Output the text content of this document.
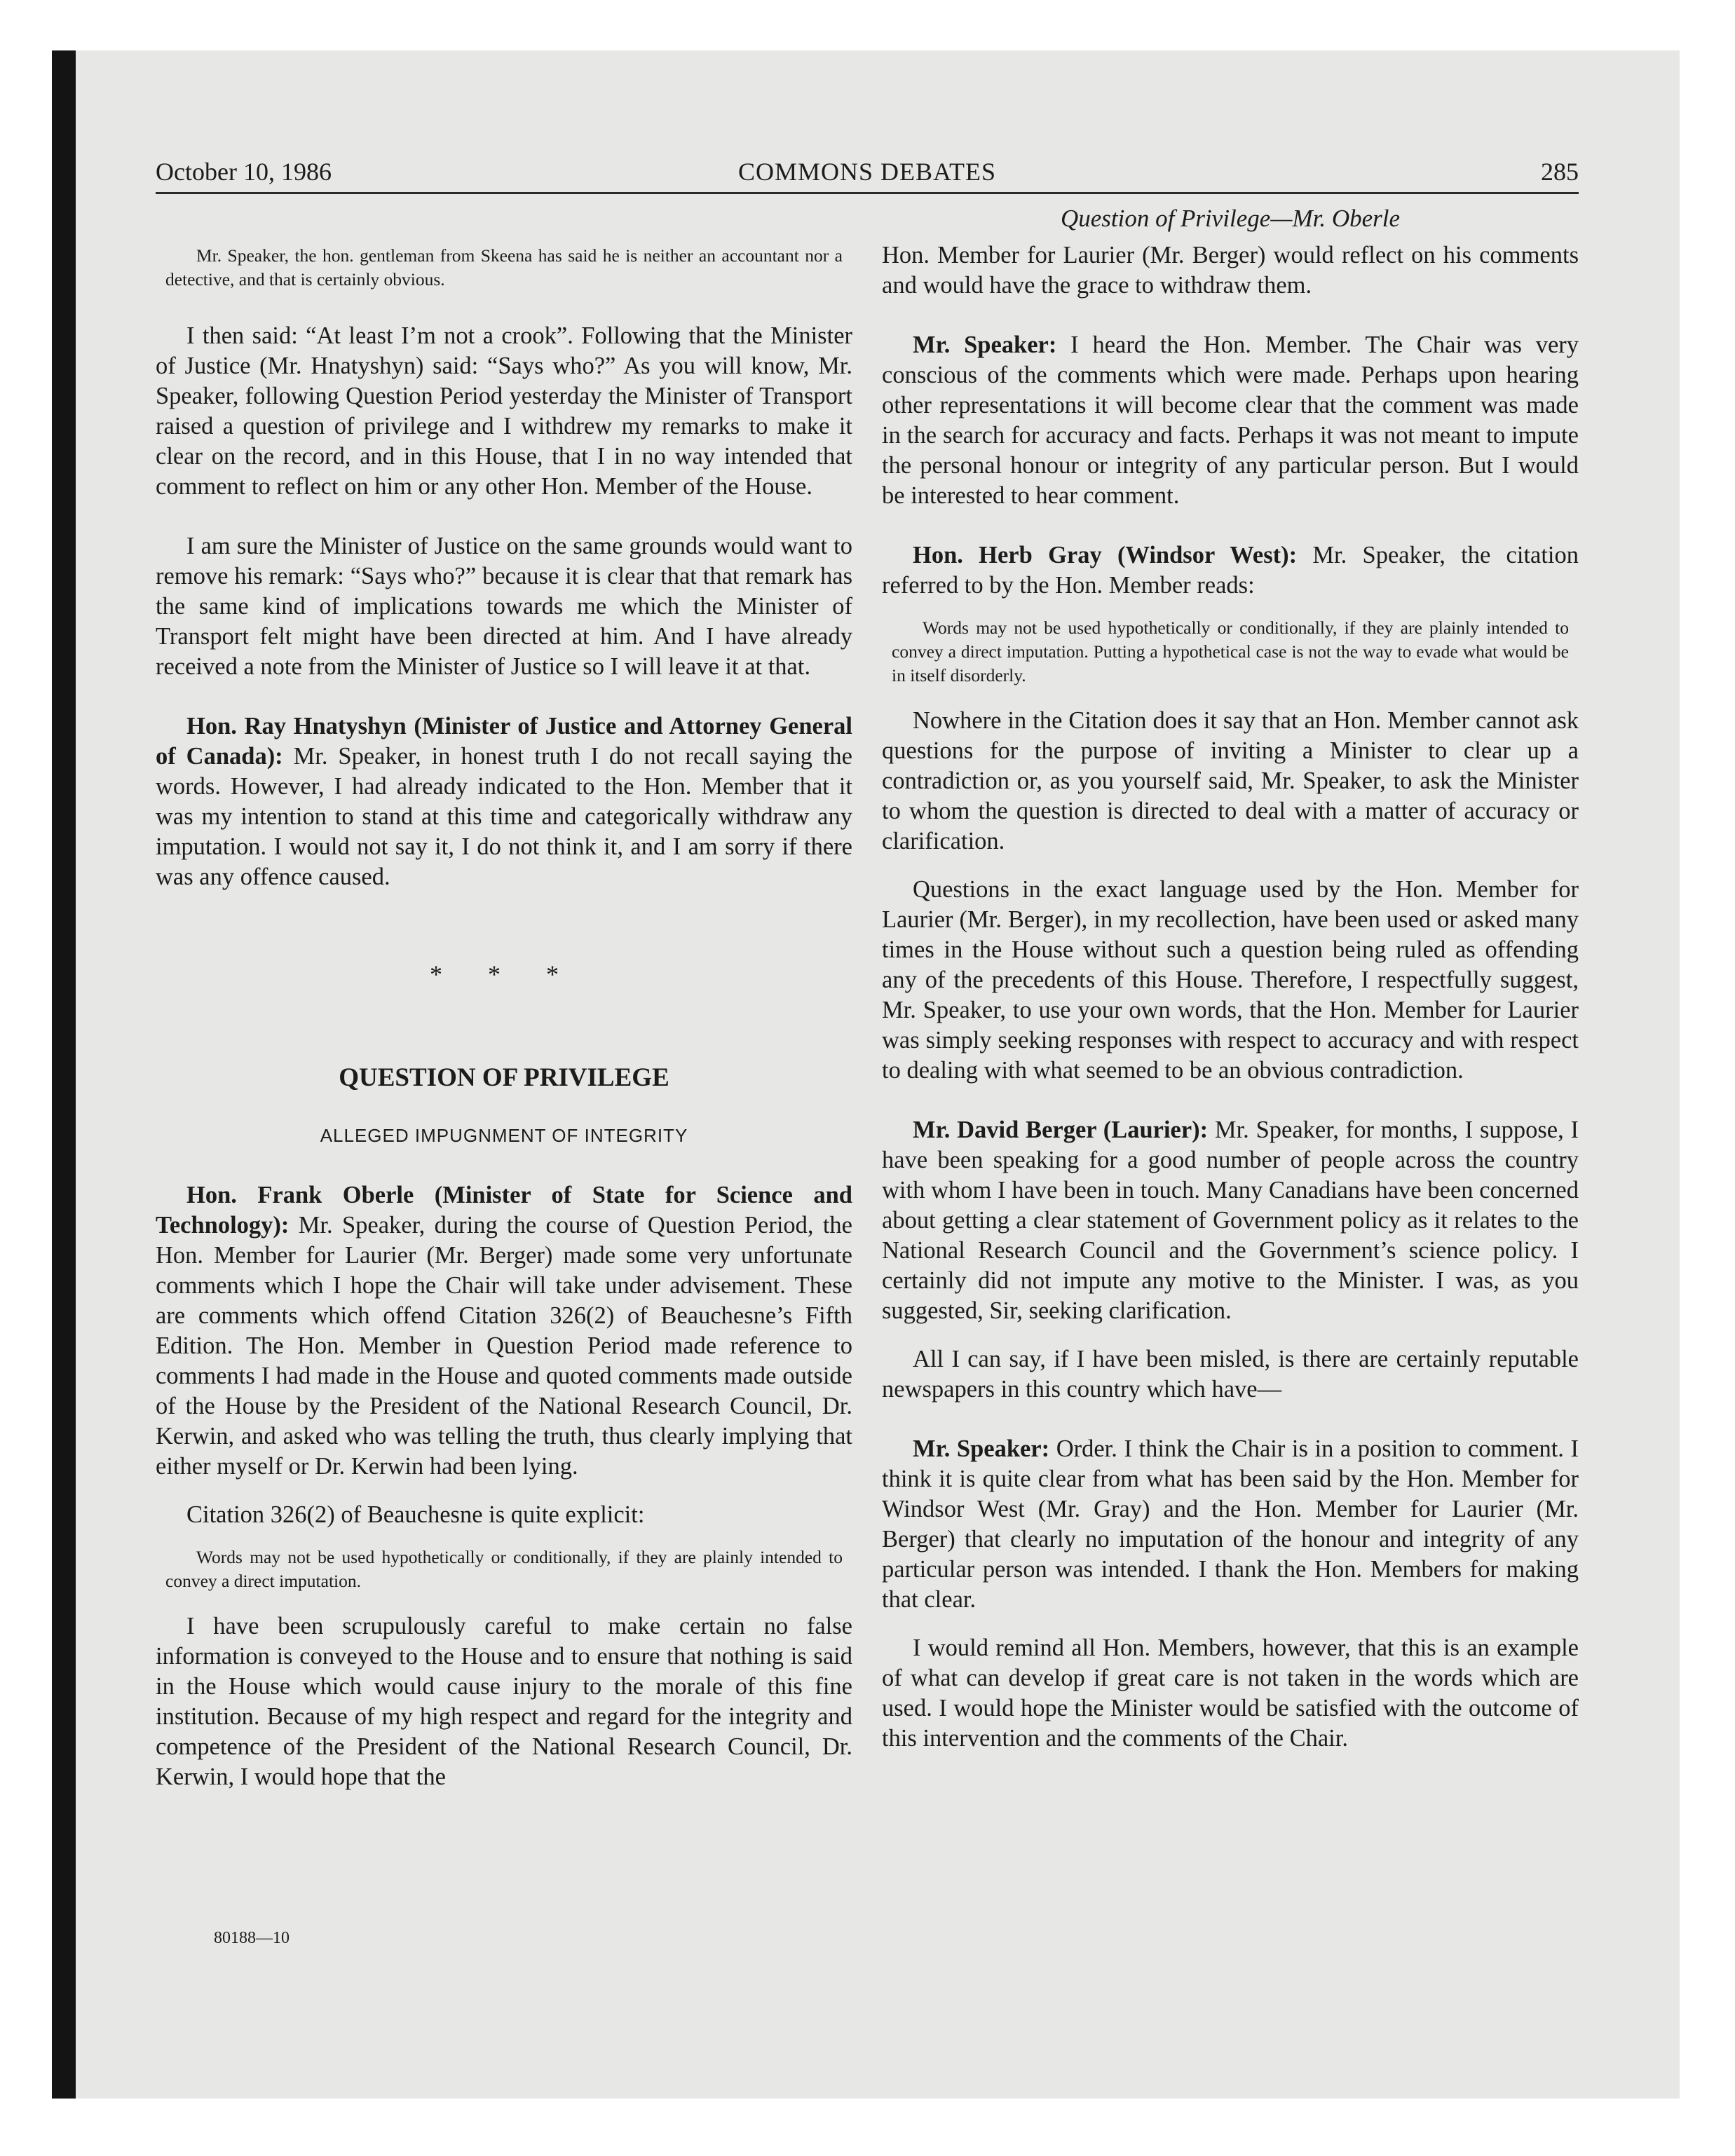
October 10, 1986	COMMONS DEBATES	285
Mr. Speaker, the hon. gentleman from Skeena has said he is neither an accountant nor a detective, and that is certainly obvious.

I then said: “At least I’m not a crook”. Following that the Minister of Justice (Mr. Hnatyshyn) said: “Says who?” As you will know, Mr. Speaker, following Question Period yesterday the Minister of Transport raised a question of privilege and I withdrew my remarks to make it clear on the record, and in this House, that I in no way intended that comment to reflect on him or any other Hon. Member of the House.

I am sure the Minister of Justice on the same grounds would want to remove his remark: “Says who?” because it is clear that that remark has the same kind of implications towards me which the Minister of Transport felt might have been directed at him. And I have already received a note from the Minister of Justice so I will leave it at that.

Hon. Ray Hnatyshyn (Minister of Justice and Attorney General of Canada): Mr. Speaker, in honest truth I do not recall saying the words. However, I had already indicated to the Hon. Member that it was my intention to stand at this time and categorically withdraw any imputation. I would not say it, I do not think it, and I am sorry if there was any offence caused.

* * *
QUESTION OF PRIVILEGE
ALLEGED IMPUGNMENT OF INTEGRITY

Hon. Frank Oberle (Minister of State for Science and Technology): Mr. Speaker, during the course of Question Period, the Hon. Member for Laurier (Mr. Berger) made some very unfortunate comments which I hope the Chair will take under advisement. These are comments which offend Citation 326(2) of Beauchesne’s Fifth Edition. The Hon. Member in Question Period made reference to comments I had made in the House and quoted comments made outside of the House by the President of the National Research Council, Dr. Kerwin, and asked who was telling the truth, thus clearly implying that either myself or Dr. Kerwin had been lying.

Citation 326(2) of Beauchesne is quite explicit:

Words may not be used hypothetically or conditionally, if they are plainly intended to convey a direct imputation.

I have been scrupulously careful to make certain no false information is conveyed to the House and to ensure that nothing is said in the House which would cause injury to the morale of this fine institution. Because of my high respect and regard for the integrity and competence of the President of the National Research Council, Dr. Kerwin, I would hope that the

Question of Privilege—Mr. Oberle

Hon. Member for Laurier (Mr. Berger) would reflect on his comments and would have the grace to withdraw them.

Mr. Speaker: I heard the Hon. Member. The Chair was very conscious of the comments which were made. Perhaps upon hearing other representations it will become clear that the comment was made in the search for accuracy and facts. Perhaps it was not meant to impute the personal honour or integrity of any particular person. But I would be interested to hear comment.

Hon. Herb Gray (Windsor West): Mr. Speaker, the citation referred to by the Hon. Member reads:

Words may not be used hypothetically or conditionally, if they are plainly intended to convey a direct imputation. Putting a hypothetical case is not the way to evade what would be in itself disorderly.

Nowhere in the Citation does it say that an Hon. Member cannot ask questions for the purpose of inviting a Minister to clear up a contradiction or, as you yourself said, Mr. Speaker, to ask the Minister to whom the question is directed to deal with a matter of accuracy or clarification.

Questions in the exact language used by the Hon. Member for Laurier (Mr. Berger), in my recollection, have been used or asked many times in the House without such a question being ruled as offending any of the precedents of this House. Therefore, I respectfully suggest, Mr. Speaker, to use your own words, that the Hon. Member for Laurier was simply seeking responses with respect to accuracy and with respect to dealing with what seemed to be an obvious contradiction.

Mr. David Berger (Laurier): Mr. Speaker, for months, I suppose, I have been speaking for a good number of people across the country with whom I have been in touch. Many Canadians have been concerned about getting a clear statement of Government policy as it relates to the National Research Council and the Government’s science policy. I certainly did not impute any motive to the Minister. I was, as you suggested, Sir, seeking clarification.

All I can say, if I have been misled, is there are certainly reputable newspapers in this country which have—

Mr. Speaker: Order. I think the Chair is in a position to comment. I think it is quite clear from what has been said by the Hon. Member for Windsor West (Mr. Gray) and the Hon. Member for Laurier (Mr. Berger) that clearly no imputation of the honour and integrity of any particular person was intended. I thank the Hon. Members for making that clear.

I would remind all Hon. Members, however, that this is an example of what can develop if great care is not taken in the words which are used. I would hope the Minister would be satisfied with the outcome of this intervention and the comments of the Chair.

80188—10
